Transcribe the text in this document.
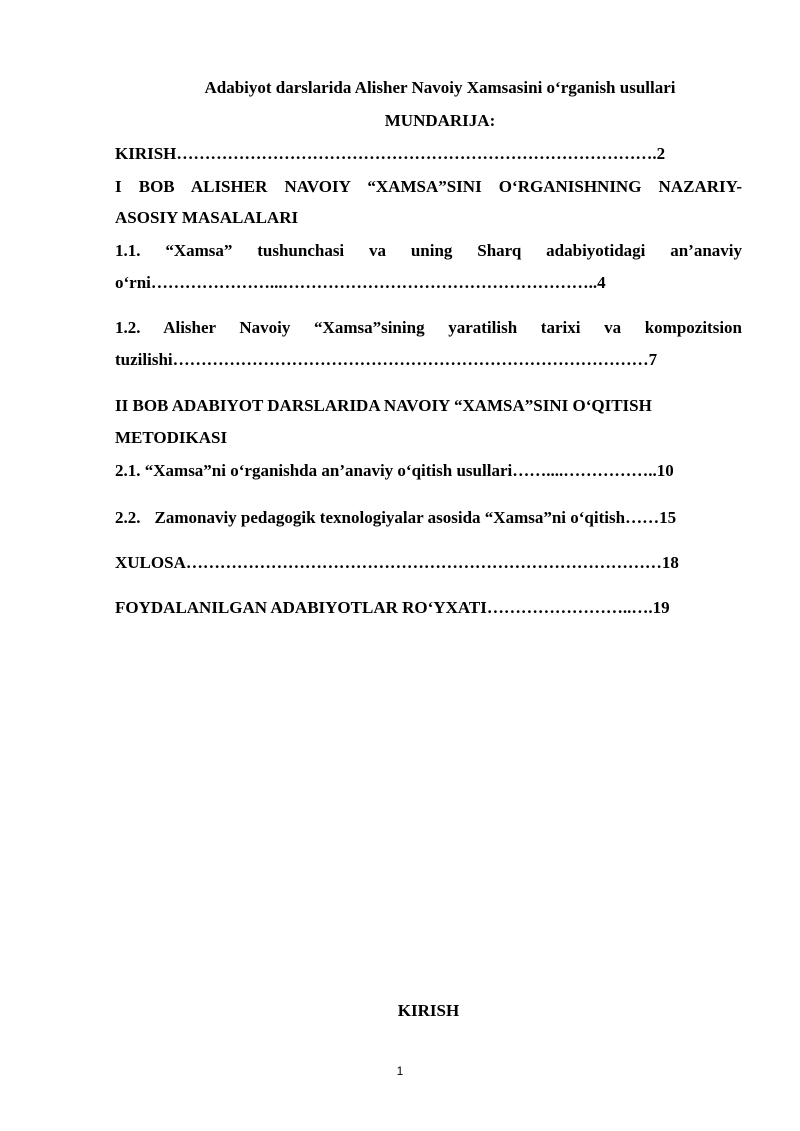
Adabiyot darslarida Alisher Navoiy Xamsasini o‘rganish usullari
MUNDARIJA:
KIRISH………………………………………………………………………….2
I BOB ALISHER NAVOIY “XAMSA”SINI O‘RGANISHNING NAZARIY-
ASOSIY MASALALARI
1.1. “Xamsa” tushunchasi va uning Sharq adabiyotidagi an’anaviy
o‘rni…………………...………………………………………………..4
1.2. Alisher Navoiy “Xamsa”sining yaratilish tarixi va kompozitsion
tuzilishi…………………………………………………………………………7
II BOB ADABIYOT DARSLARIDA NAVOIY “XAMSA”SINI O‘QITISH
METODIKASI
2.1. “Xamsa”ni o‘rganishda an’anaviy o‘qitish usullari……....……………..10
2.2. Zamonaviy pedagogik texnologiyalar asosida “Xamsa”ni o‘qitish……15
XULOSA…………………………………………………………………………18
FOYDALANILGAN ADABIYOTLAR RO‘YXATI……………………..….19
KIRISH
1
